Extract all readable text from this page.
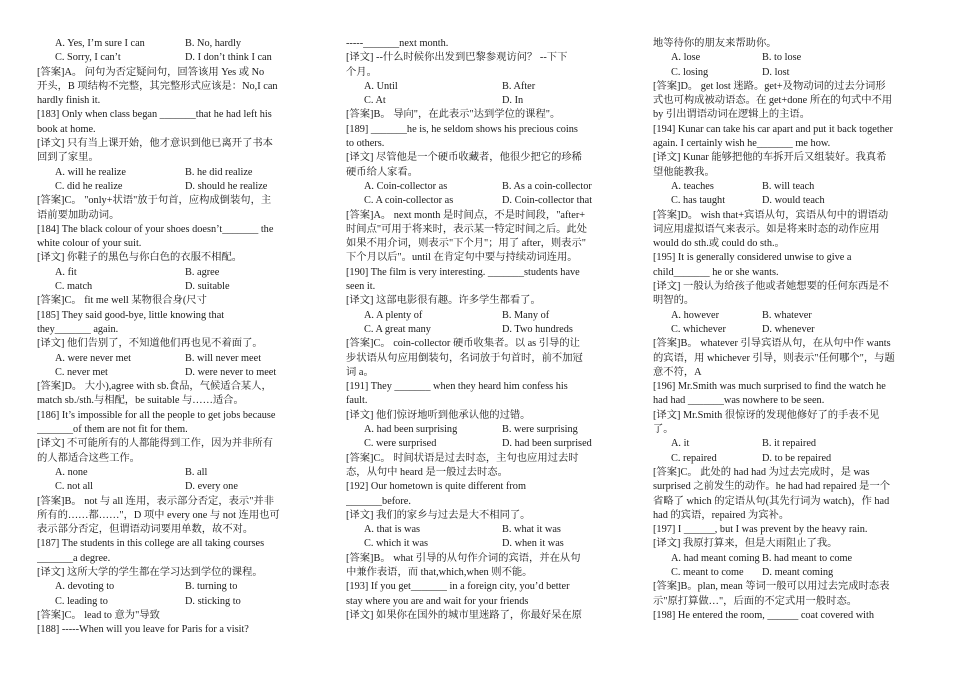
A. Yes, I’m sure I can	B. No, hardly
C. Sorry, I can’t	D. I don’t think I can
[答案]A。 问句为否定疑问句，回答该用 Yes 或 No
开头，B 项结构不完整，其完整形式应该是：No,I can
hardly finish it.
[183] Only when class began _______that he had left his
book at home.
[译文] 只有当上课开始，他才意识到他已离开了书本
回到了家里。
A. will he realize	B. he did realize
C. did he realize	D. should he realize
[答案]C。 "only+状语"放于句首，应构成倒装句，主
语前要加助动词。
[184] The black colour of your shoes doesn’t_______ the
white colour of your suit.
[译文] 你鞋子的黑色与你白色的衣服不相配。
A. fit	B. agree
C. match	D. suitable
[答案]C。 fit me well 某物很合身(尺寸
[185] They said good-bye, little knowing that
they_______ again.
[译文] 他们告别了，不知道他们再也见不着面了。
A. were never met	B. will never meet
C. never met	D. were never to meet
[答案]D。 大小),agree with sb.食品，气候适合某人，
match sb./sth.与相配，be suitable 与……适合。
[186] It’s impossible for all the people to get jobs because
_______of them are not fit for them.
[译文] 不可能所有的人都能得到工作，因为并非所有
的人都适合这些工作。
A. none	B. all
C. not all	D. every one
[答案]B。 not 与 all 连用，表示部分否定，表示"并非
所有的……都……"，D 项中 every one 与 not 连用也可
表示部分否定，但谓语动词要用单数，故不对。
[187] The students in this college are all taking courses
_______a degree.
[译文] 这所大学的学生都在学习达到学位的课程。
A. devoting to	B. turning to
C. leading to	D. sticking to
[答案]C。 lead to 意为"导致
[188] -----When will you leave for Paris for a visit?
-----_______next month.
[译文] --什么时候你出发到巴黎参观访问？ --下下
个月。
A. Until	B. After
C. At	D. In
[答案]B。 导向"，在此表示"达到学位的课程"。
[189] _______he is, he seldom shows his precious coins
to others.
[译文] 尽管他是一个硬币收藏者，他很少把它的珍稀
硬币给人家看。
A. Coin-collector as	B. As a coin-collector
C. A coin-collector as	D. Coin-collector that
[答案]A。 next month 是时间点，不是时间段，"after+
时间点"可用于将来时，表示某一特定时间之后。此处
如果不用介词，则表示"下个月"；用了 after，则表示"
下个月以后"。until 在肯定句中要与持续动词连用。
[190] The film is very interesting. _______students have
seen it.
[译文] 这部电影很有趣。许多学生都看了。
A. A plenty of	B. Many of
C. A great many	D. Two hundreds
[答案]C。 coin-collector 硬币收集者。以 as 引导的让
步状语从句应用倒装句，名词放于句首时，前不加冠
词 a。
[191] They _______ when they heard him confess his
fault.
[译文] 他们惊讶地听到他承认他的过错。
A. had been surprising	B. were surprising
C. were surprised	D. had been surprised
[答案]C。 时间状语是过去时态，主句也应用过去时
态，从句中 heard 是一般过去时态。
[192] Our hometown is quite different from
_______before.
[译文] 我们的家乡与过去是大不相同了。
A. that is was	B. what it was
C. which it was	D. when it was
[答案]B。 what 引导的从句作介词的宾语，并在从句
中兼作表语，而 that,which,when 则不能。
[193] If you get_______ in a foreign city, you’d better
stay where you are and wait for your friends
[译文] 如果你在国外的城市里迷路了，你最好呆在原
地等待你的朋友来帮助你。
A. lose	B. to lose
C. losing	D. lost
[答案]D。 get lost 迷路。get+及物动词的过去分词形
式也可构成被动语态。在 get+done 所在的句式中不用
by 引出谓语动词在逻辑上的主语。
[194] Kunar can take his car apart and put it back together
again. I certainly wish he_______ me how.
[译文] Kunar 能够把他的车拆开后又组装好。我真希
望他能教我。
A. teaches	B. will teach
C. has taught	D. would teach
[答案]D。 wish that+宾语从句，宾语从句中的谓语动
词应用虚拟语气来表示。如是将来时态的动作应用
would do sth.或 could do sth.。
[195] It is generally considered unwise to give a
child_______ he or she wants.
[译文] 一般认为给孩子他或者她想要的任何东西是不
明智的。
A. however	B. whatever
C. whichever	D. whenever
[答案]B。 whatever 引导宾语从句，在从句中作 wants
的宾语，用 whichever 引导，则表示"任何哪个"，与题
意不符，A
[196] Mr.Smith was much surprised to find the watch he
had had _______was nowhere to be seen.
[译文] Mr.Smith 很惊讶的发现他修好了的手表不见
了。
A. it	B. it repaired
C. repaired	D. to be repaired
[答案]C。 此处的 had had 为过去完成时，是 was
surprised 之前发生的动作。he had had repaired 是一个
省略了 which 的定语从句(其先行词为 watch)，作 had
had 的宾语，repaired 为宾补。
[197] I ______, but I was prevent by the heavy rain.
[译文] 我原打算来，但是大雨阻止了我。
A. had meant coming B. had meant to come
C. meant to come D. meant coming
[答案]B。plan, mean 等词一般可以用过去完成时态表
示"原打算做…"，后面的不定式用一般时态。
[198] He entered the room, ______ coat covered with
